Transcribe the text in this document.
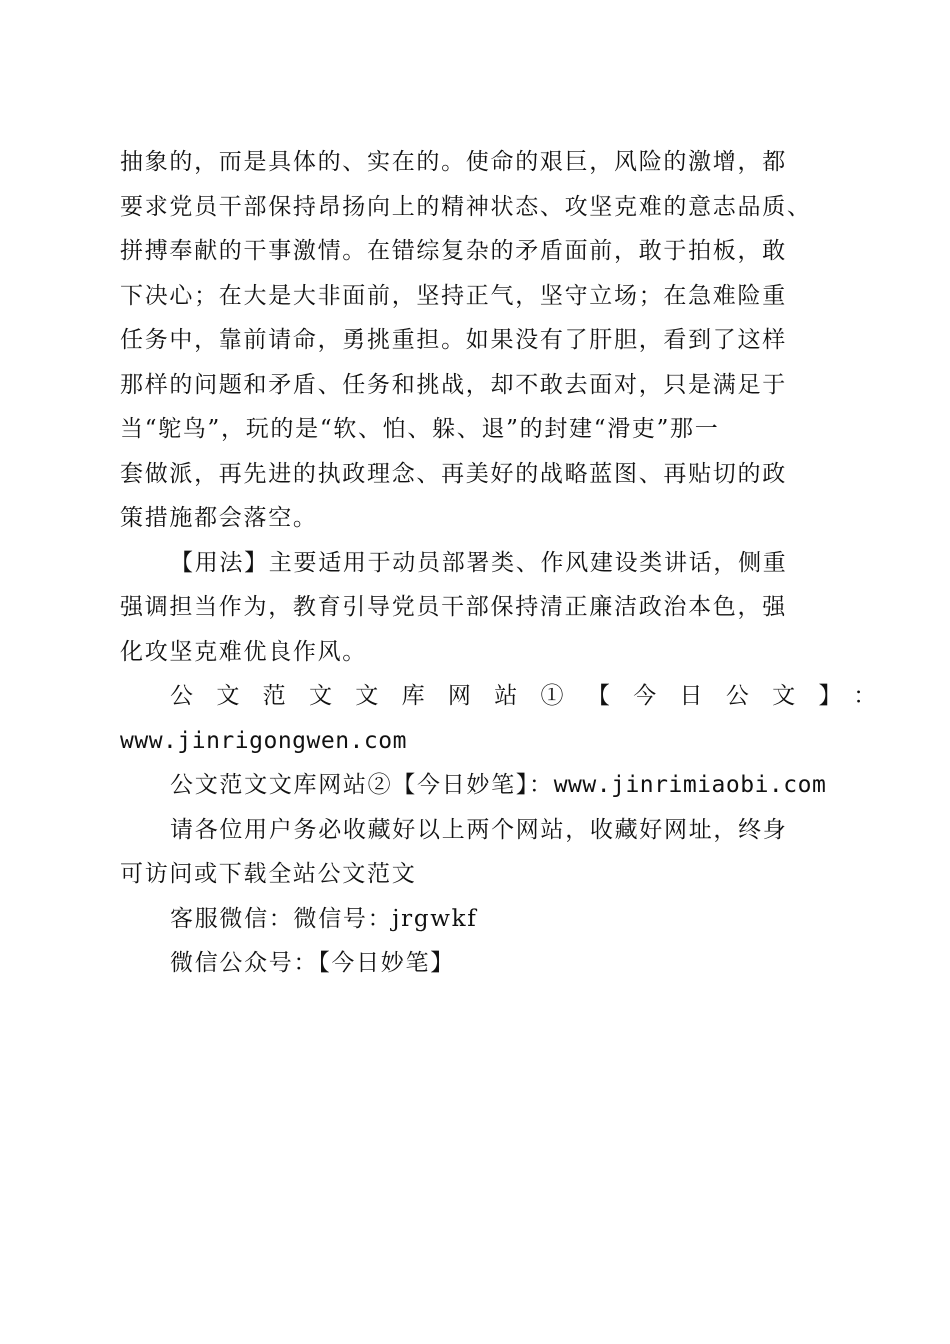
抽象的，而是具体的、实在的。使命的艰巨，风险的激增，都
要求党员干部保持昂扬向上的精神状态、攻坚克难的意志品质、
拼搏奉献的干事激情。在错综复杂的矛盾面前，敢于拍板，敢
下决心；在大是大非面前，坚持正气，坚守立场；在急难险重
任务中，靠前请命，勇挑重担。如果没有了肝胆，看到了这样
那样的问题和矛盾、任务和挑战，却不敢去面对，只是满足于
当“鸵鸟”，玩的是“软、怕、躲、退”的封建“滑吏”那一
套做派，再先进的执政理念、再美好的战略蓝图、再贴切的政
策措施都会落空。
【用法】主要适用于动员部署类、作风建设类讲话，侧重
强调担当作为，教育引导党员干部保持清正廉洁政治本色，强
化攻坚克难优良作风。
公文范文文库网站①【今日公文】：
www.jinrigongwen.com
公文范文文库网站②【今日妙笔】：www.jinrimiaobi.com
请各位用户务必收藏好以上两个网站，收藏好网址，终身
可访问或下载全站公文范文
客服微信：微信号：jrgwkf
微信公众号：【今日妙笔】
